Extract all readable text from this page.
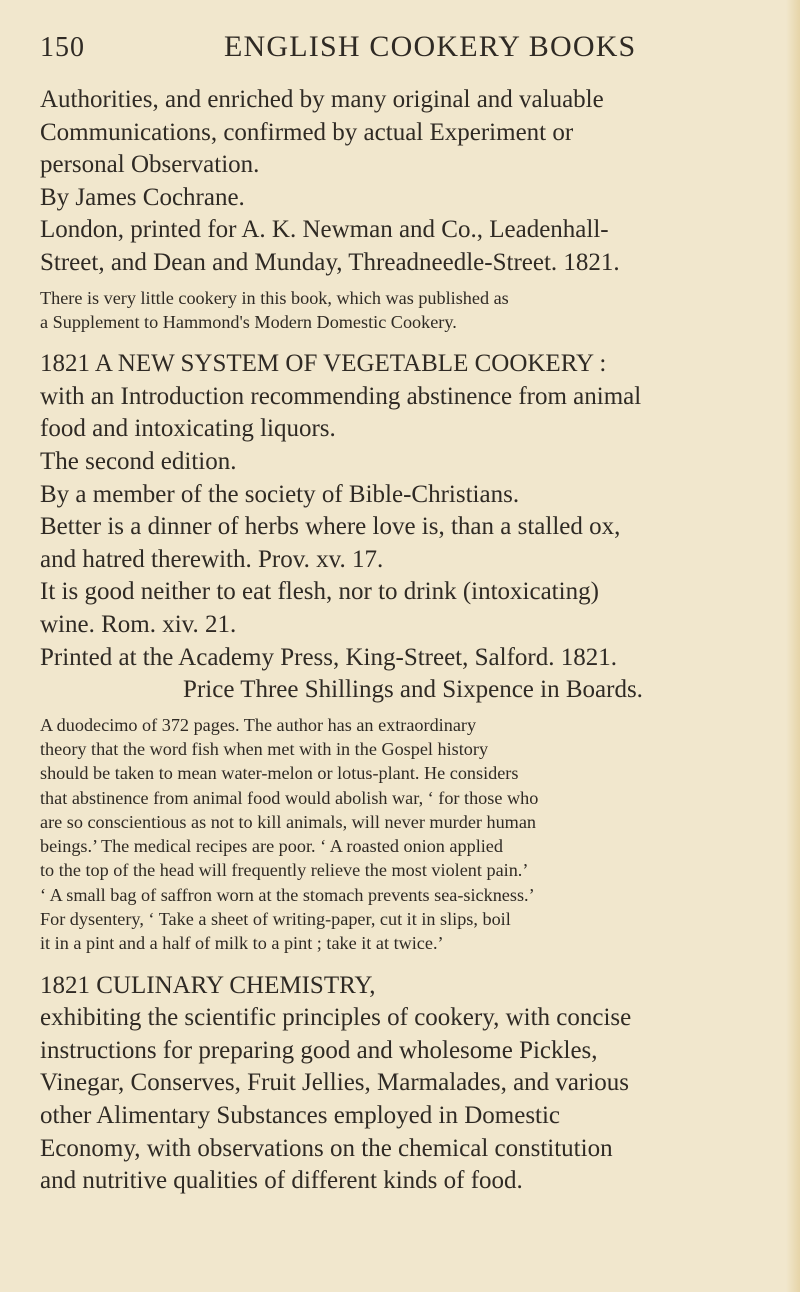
150	ENGLISH COOKERY BOOKS

Authorities, and enriched by many original and valuable

Communications, confirmed by actual Experiment or

personal Observation.

By James Cochrane.

London, printed for A. K. Newman and Co., Leadenhall-

Street, and Dean and Munday, Threadneedle-Street. 1821.

There is very little cookery in this book, which was published as

a Supplement to Hammond's Modern Domestic Cookery.

1821 A NEW SYSTEM OF VEGETABLE COOKERY :

with an Introduction recommending abstinence from animal

food and intoxicating liquors.

The second edition.

By a member of the society of Bible-Christians.

Better is a dinner of herbs where love is, than a stalled ox,

and hatred therewith. Prov. xv. 17.

It is good neither to eat flesh, nor to drink (intoxicating)

wine. Rom. xiv. 21.

Printed at the Academy Press, King-Street, Salford. 1821.

Price Three Shillings and Sixpence in Boards.

A duodecimo of 372 pages. The author has an extraordinary

theory that the word fish when met with in the Gospel history

should be taken to mean water-melon or lotus-plant. He considers

that abstinence from animal food would abolish war, ‘ for those who

are so conscientious as not to kill animals, will never murder human

beings.’ The medical recipes are poor. ‘ A roasted onion applied

to the top of the head will frequently relieve the most violent pain.’

‘ A small bag of saffron worn at the stomach prevents sea-sickness.’

For dysentery, ‘ Take a sheet of writing-paper, cut it in slips, boil

it in a pint and a half of milk to a pint ; take it at twice.’

1821 CULINARY CHEMISTRY,

exhibiting the scientific principles of cookery, with concise

instructions for preparing good and wholesome Pickles,

Vinegar, Conserves, Fruit Jellies, Marmalades, and various

other Alimentary Substances employed in Domestic

Economy, with observations on the chemical constitution

and nutritive qualities of different kinds of food.
